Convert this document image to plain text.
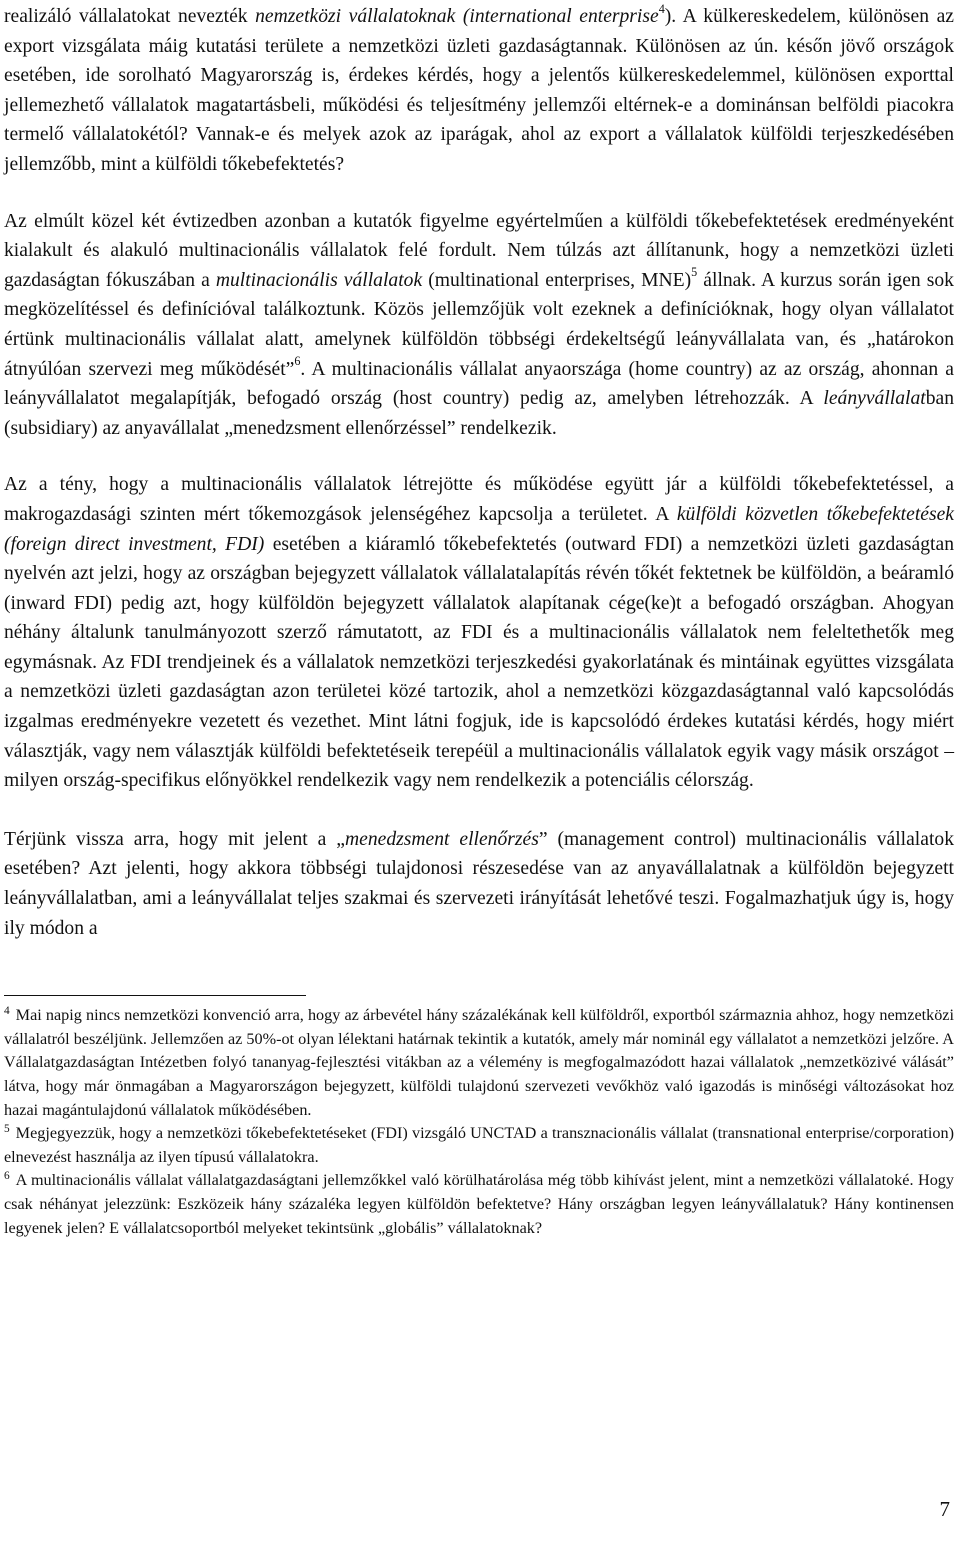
realizáló vállalatokat nevezték nemzetközi vállalatoknak (international enterprise$^4$). A külkereskedelem, különösen az export vizsgálata máig kutatási területe a nemzetközi üzleti gazdaságtannak. Különösen az ún. későn jövő országok esetében, ide sorolható Magyarország is, érdekes kérdés, hogy a jelentős külkereskedelemmel, különösen exporttal jellemezhető vállalatok magatartásbeli, működési és teljesítmény jellemzői eltérnek-e a dominánsan belföldi piacokra termelő vállalatokétól? Vannak-e és melyek azok az iparágak, ahol az export a vállalatok külföldi terjeszkedésében jellemzőbb, mint a külföldi tőkebefektetés?

Az elmúlt közel két évtizedben azonban a kutatók figyelme egyértelműen a külföldi tőkebefektetések eredményeként kialakult és alakuló multinacionális vállalatok felé fordult. Nem túlzás azt állítanunk, hogy a nemzetközi üzleti gazdaságtan fókuszában a multinacionális vállalatok (multinational enterprises, MNE)$^5$ állnak. A kurzus során igen sok megközelítéssel és definícióval találkoztunk. Közös jellemzőjük volt ezeknek a definícióknak, hogy olyan vállalatot értünk multinacionális vállalat alatt, amelynek külföldön többségi érdekeltségű leányvállalata van, és „határokon átnyúlóan szervezi meg működését”$^6$. A multinacionális vállalat anyaországa (home country) az az ország, ahonnan a leányvállalatot megalapítják, befogadó ország (host country) pedig az, amelyben létrehozzák. A leányvállalatban (subsidiary) az anyavállalat „menedzsment ellenőrzéssel” rendelkezik.

Az a tény, hogy a multinacionális vállalatok létrejötte és működése együtt jár a külföldi tőkebefektetéssel, a makrogazdasági szinten mért tőkemozgások jelenségéhez kapcsolja a területet. A külföldi közvetlen tőkebefektetések (foreign direct investment, FDI) esetében a kiáramló tőkebefektetés (outward FDI) a nemzetközi üzleti gazdaságtan nyelvén azt jelzi, hogy az országban bejegyzett vállalatok vállalatalapítás révén tőkét fektetnek be külföldön, a beáramló (inward FDI) pedig azt, hogy külföldön bejegyzett vállalatok alapítanak cége(ke)t a befogadó országban. Ahogyan néhány általunk tanulmányozott szerző rámutatott, az FDI és a multinacionális vállalatok nem feleltethetők meg egymásnak. Az FDI trendjeinek és a vállalatok nemzetközi terjeszkedési gyakorlatának és mintáinak együttes vizsgálata a nemzetközi üzleti gazdaságtan azon területei közé tartozik, ahol a nemzetközi közgazdaságtannal való kapcsolódás izgalmas eredményekre vezetett és vezethet. Mint látni fogjuk, ide is kapcsolódó érdekes kutatási kérdés, hogy miért választják, vagy nem választják külföldi befektetéseik terepéül a multinacionális vállalatok egyik vagy másik országot – milyen ország-specifikus előnyökkel rendelkezik vagy nem rendelkezik a potenciális célország.

Térjünk vissza arra, hogy mit jelent a „menedzsment ellenőrzés” (management control) multinacionális vállalatok esetében? Azt jelenti, hogy akkora többségi tulajdonosi részesedése van az anyavállalatnak a külföldön bejegyzett leányvállalatban, ami a leányvállalat teljes szakmai és szervezeti irányítását lehetővé teszi. Fogalmazhatjuk úgy is, hogy ily módon a

$^4$ Mai napig nincs nemzetközi konvenció arra, hogy az árbevétel hány százalékának kell külföldről, exportból származnia ahhoz, hogy nemzetközi vállalatról beszéljünk. Jellemzően az 50%-ot olyan lélektani határnak tekintik a kutatók, amely már nominál egy vállalatot a nemzetközi jelzőre. A Vállalatgazdaságtan Intézetben folyó tananyag-fejlesztési vitákban az a vélemény is megfogalmazódott hazai vállalatok „nemzetközivé válását” látva, hogy már önmagában a Magyarországon bejegyzett, külföldi tulajdonú szervezeti vevőkhöz való igazodás is minőségi változásokat hoz hazai magántulajdonú vállalatok működésében.

$^5$ Megjegyezzük, hogy a nemzetközi tőkebefektetéseket (FDI) vizsgáló UNCTAD a transznacionális vállalat (transnational enterprise/corporation) elnevezést használja az ilyen típusú vállalatokra.

$^6$ A multinacionális vállalat vállalatgazdaságtani jellemzőkkel való körülhatárolása még több kihívást jelent, mint a nemzetközi vállalatoké. Hogy csak néhányat jelezzünk: Eszközeik hány százaléka legyen külföldön befektetve? Hány országban legyen leányvállalatuk? Hány kontinensen legyenek jelen? E vállalatcsoportból melyeket tekintsünk „globális” vállalatoknak?

7
